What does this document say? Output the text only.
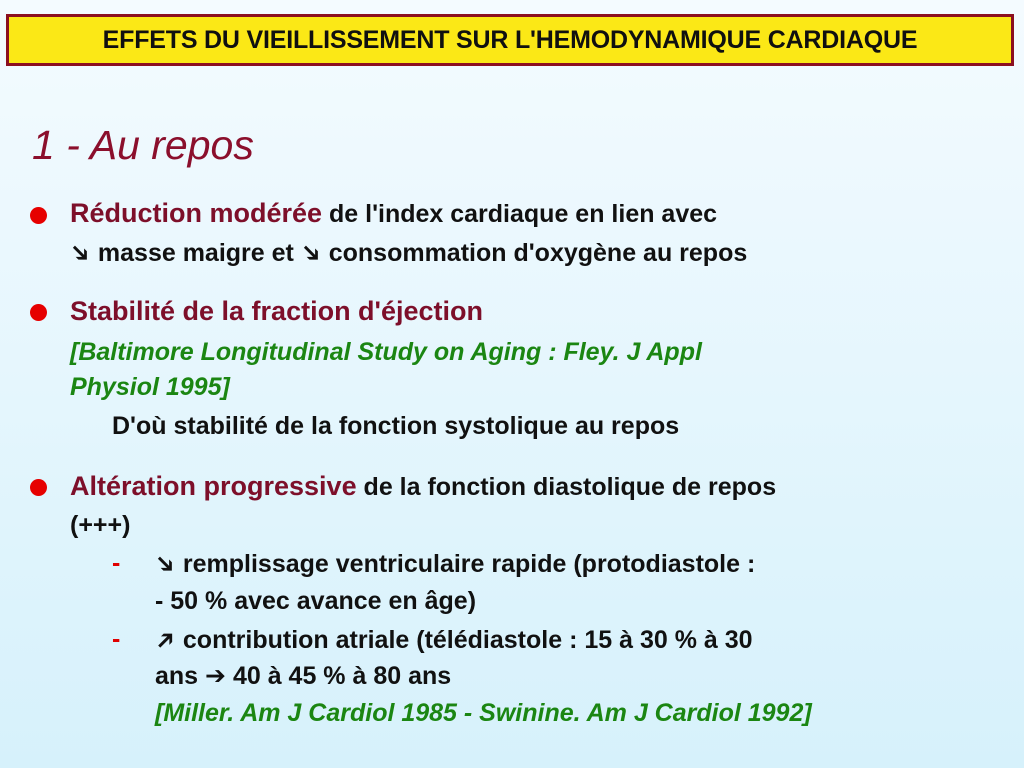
EFFETS DU VIEILLISSEMENT SUR L'HEMODYNAMIQUE CARDIAQUE
1 - Au repos
Réduction modérée de l'index cardiaque en lien avec
➔ masse maigre et ➔ consommation d'oxygène au repos
Stabilité de la fraction d'éjection
[Baltimore Longitudinal Study on Aging : Fley. J Appl
Physiol 1995]
D'où stabilité de la fonction systolique au repos
Altération progressive de la fonction diastolique de repos
(+++)
- ➔ remplissage ventriculaire rapide (protodiastole :
- 50 % avec avance en âge)
- ➔ contribution atriale (télédiastole : 15 à 30 % à 30
ans ➔ 40 à 45 % à 80 ans
[Miller. Am J Cardiol 1985 - Swinine. Am J Cardiol 1992]
